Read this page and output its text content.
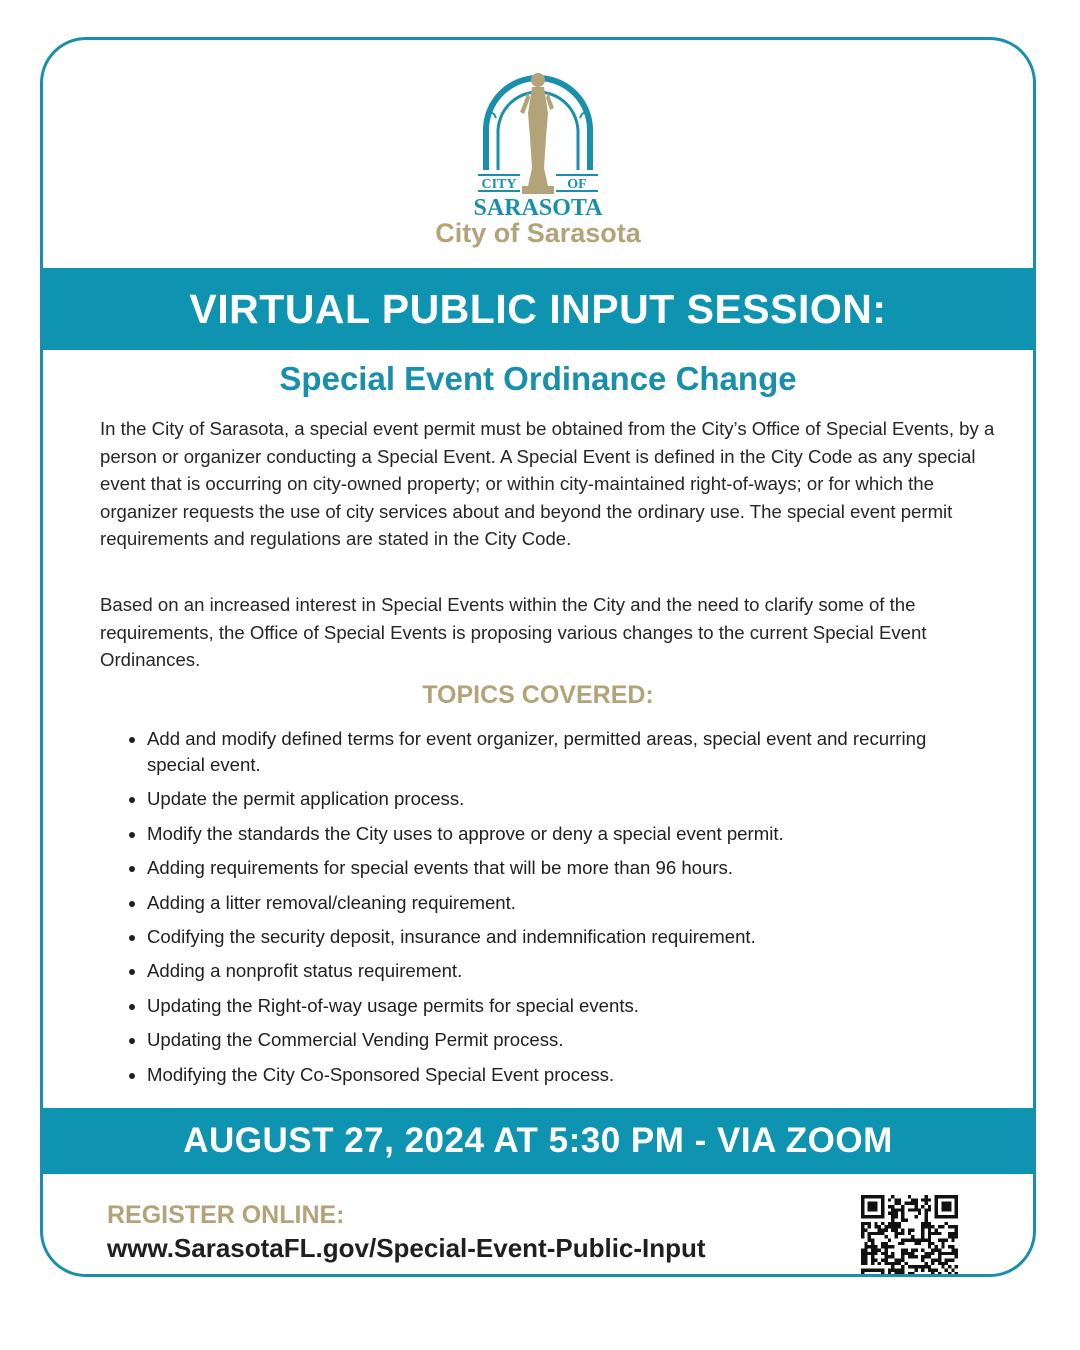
CITY	OF
SARASOTA
City of Sarasota
VIRTUAL PUBLIC INPUT SESSION:
Special Event Ordinance Change

In the City of Sarasota, a special event permit must be obtained from the City’s Office of Special Events, by a person or organizer conducting a Special Event. A Special Event is defined in the City Code as any special event that is occurring on city-owned property; or within city-maintained right-of-ways; or for which the organizer requests the use of city services about and beyond the ordinary use. The special event permit requirements and regulations are stated in the City Code.

Based on an increased interest in Special Events within the City and the need to clarify some of the requirements, the Office of Special Events is proposing various changes to the current Special Event Ordinances.

TOPICS COVERED:
Add and modify defined terms for event organizer, permitted areas, special event and recurring special event.
Update the permit application process.
Modify the standards the City uses to approve or deny a special event permit.
Adding requirements for special events that will be more than 96 hours.
Adding a litter removal/cleaning requirement.
Codifying the security deposit, insurance and indemnification requirement.
Adding a nonprofit status requirement.
Updating the Right-of-way usage permits for special events.
Updating the Commercial Vending Permit process.
Modifying the City Co-Sponsored Special Event process.
AUGUST 27, 2024 AT 5:30 PM - VIA ZOOM
REGISTER ONLINE:
www.SarasotaFL.gov/Special-Event-Public-Input
